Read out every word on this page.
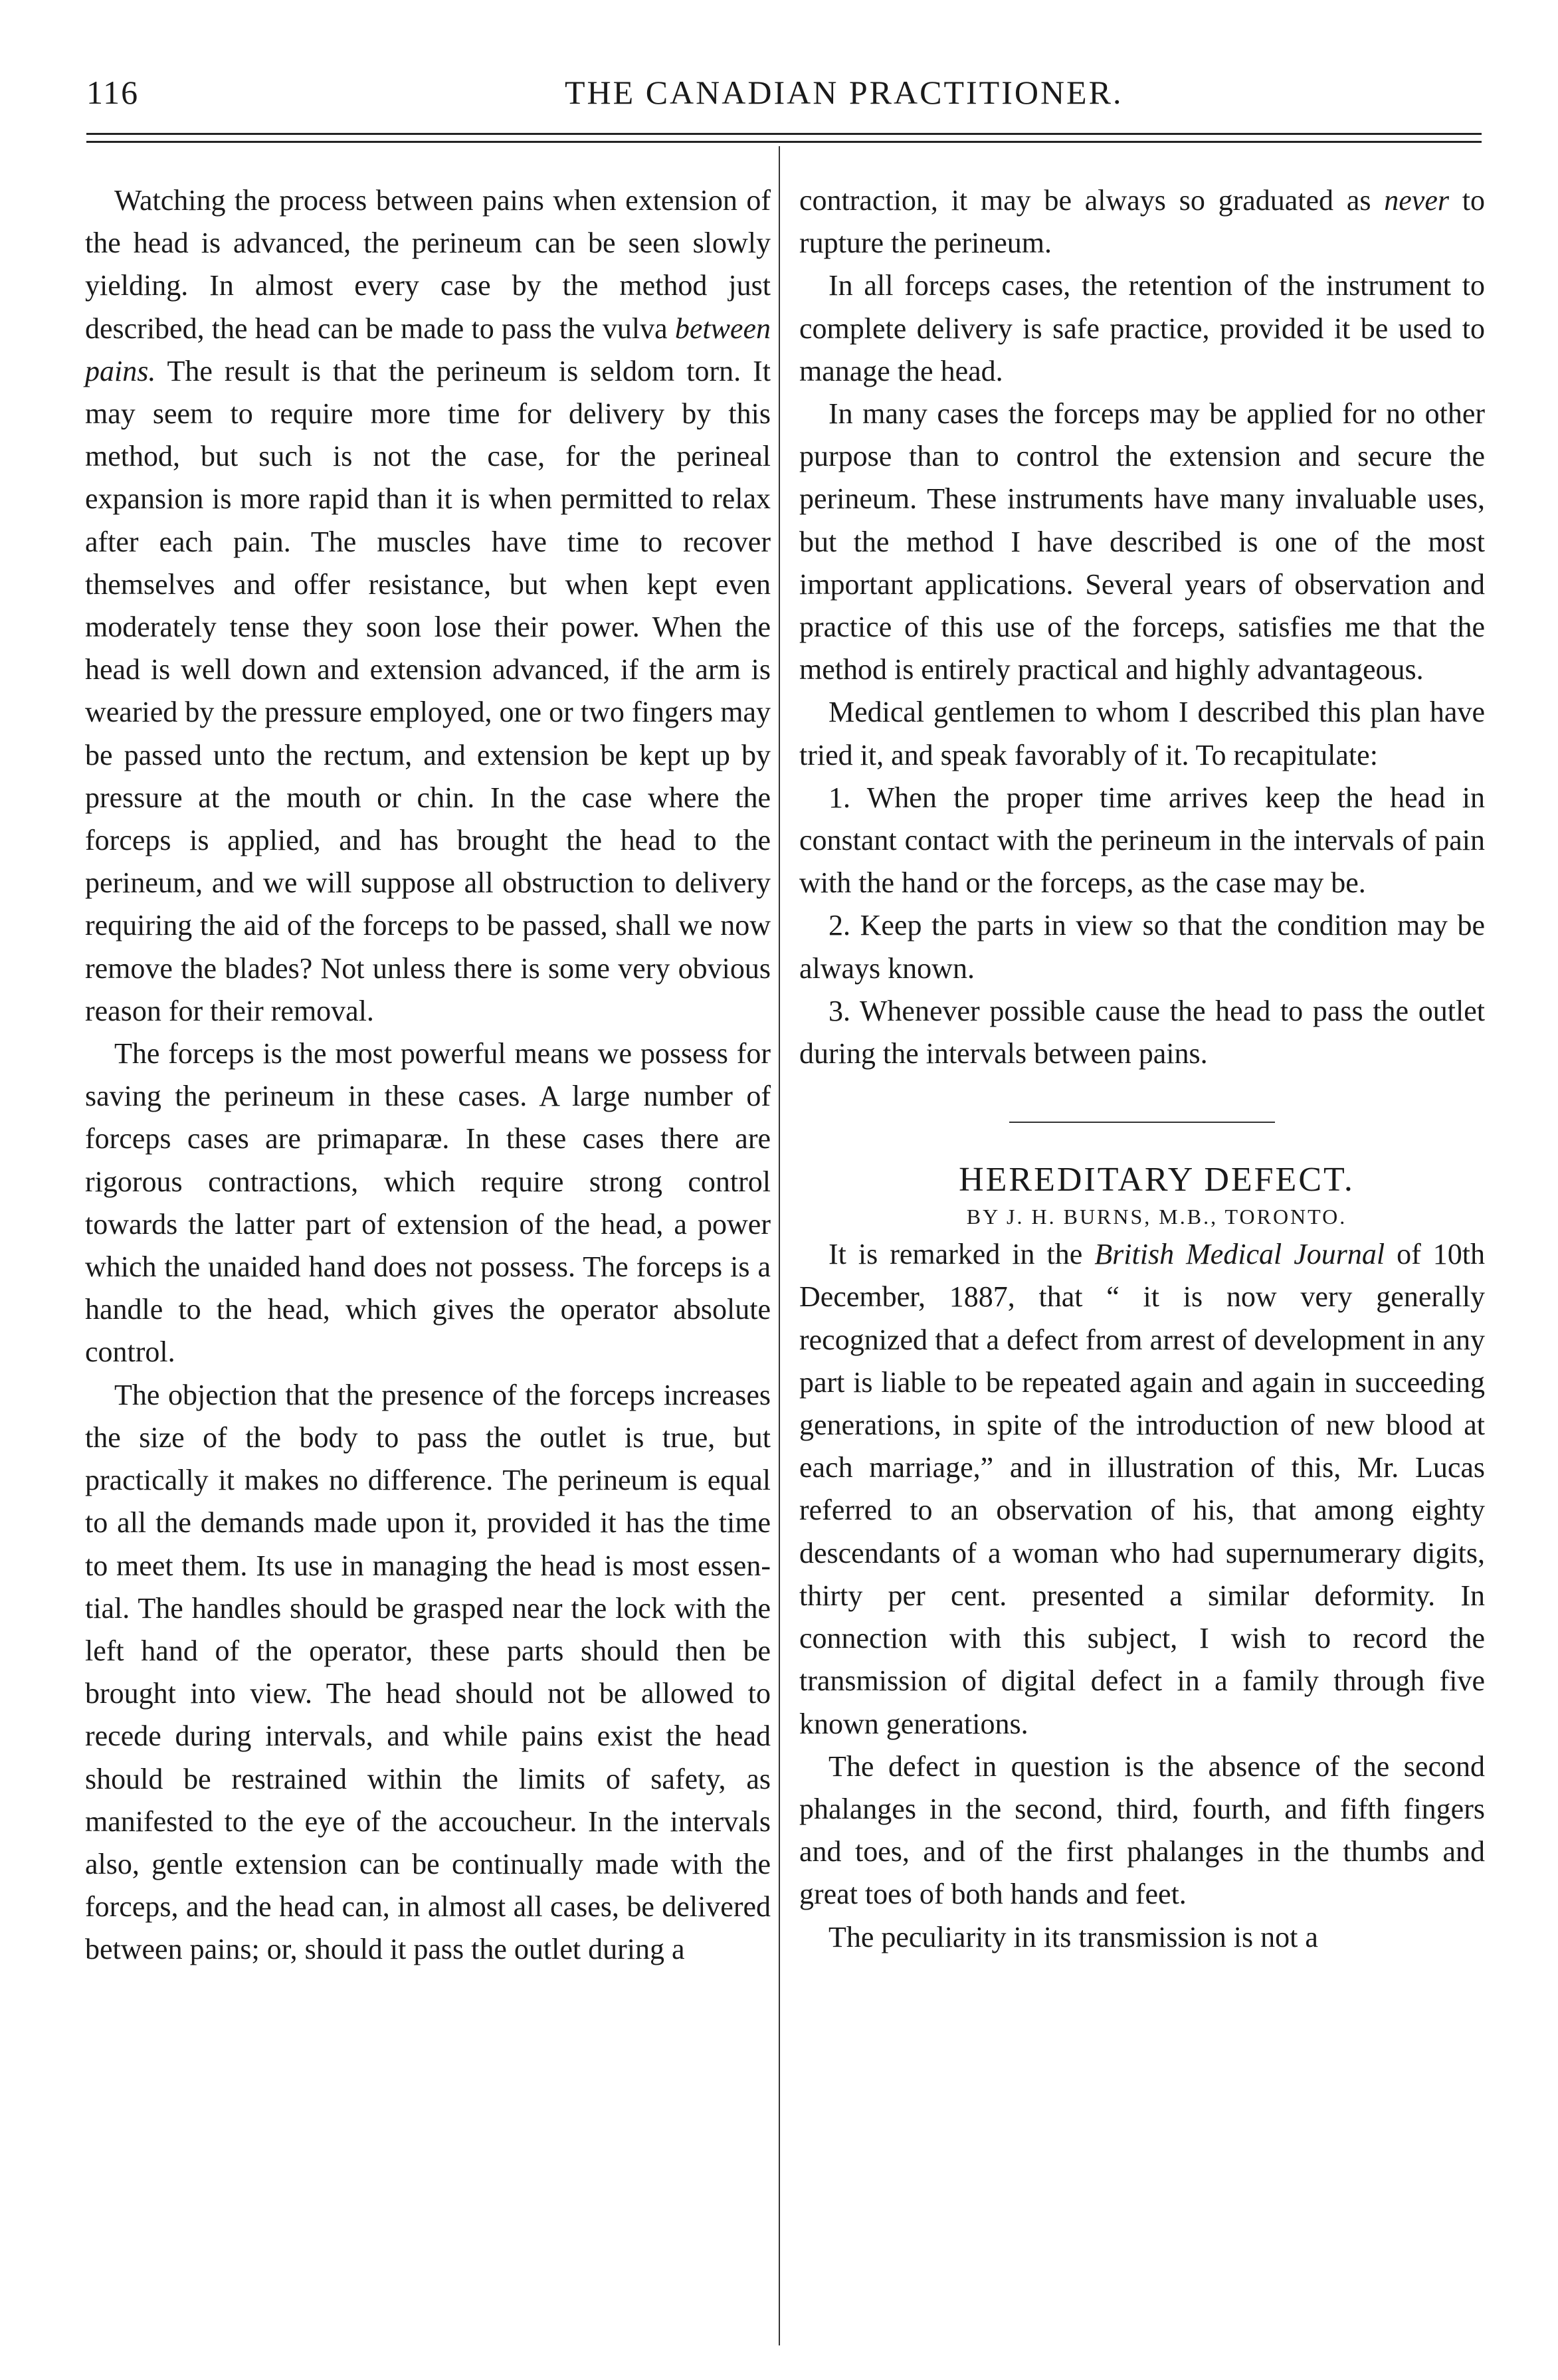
116	THE CANADIAN PRACTITIONER.

Watching the process between pains when extension of the head is advanced, the perineum can be seen slowly yielding. In almost every case by the method just described, the head can be made to pass the vulva between pains. The result is that the perineum is seldom torn. It may seem to require more time for delivery by this method, but such is not the case, for the perineal expansion is more rapid than it is when permitted to relax after each pain. The muscles have time to recover themselves and offer resistance, but when kept even moderately tense they soon lose their power. When the head is well down and extension advanced, if the arm is wearied by the pressure employed, one or two fingers may be passed unto the rectum, and extension be kept up by pressure at the mouth or chin. In the case where the forceps is applied, and has brought the head to the perineum, and we will suppose all obstruction to delivery requiring the aid of the forceps to be passed, shall we now remove the blades? Not unless there is some very obvious reason for their removal.

The forceps is the most powerful means we possess for saving the perineum in these cases. A large number of forceps cases are primaparæ. In these cases there are rigorous contractions, which require strong control towards the latter part of extension of the head, a power which the unaided hand does not possess. The forceps is a handle to the head, which gives the operator absolute control.

The objection that the presence of the forceps increases the size of the body to pass the outlet is true, but practically it makes no difference. The perineum is equal to all the demands made upon it, provided it has the time to meet them. Its use in managing the head is most essential. The handles should be grasped near the lock with the left hand of the operator, these parts should then be brought into view. The head should not be allowed to recede during intervals, and while pains exist the head should be restrained within the limits of safety, as manifested to the eye of the accoucheur. In the intervals also, gentle extension can be continually made with the forceps, and the head can, in almost all cases, be delivered between pains; or, should it pass the outlet during a

contraction, it may be always so graduated as never to rupture the perineum.

In all forceps cases, the retention of the instrument to complete delivery is safe practice, provided it be used to manage the head.

In many cases the forceps may be applied for no other purpose than to control the extension and secure the perineum. These instruments have many invaluable uses, but the method I have described is one of the most important applications. Several years of observation and practice of this use of the forceps, satisfies me that the method is entirely practical and highly advantageous.

Medical gentlemen to whom I described this plan have tried it, and speak favorably of it. To recapitulate:

1. When the proper time arrives keep the head in constant contact with the perineum in the intervals of pain with the hand or the forceps, as the case may be.

2. Keep the parts in view so that the condition may be always known.

3. Whenever possible cause the head to pass the outlet during the intervals between pains.

HEREDITARY DEFECT.

BY J. H. BURNS, M.B., TORONTO.

It is remarked in the British Medical Journal of 10th December, 1887, that “ it is now very generally recognized that a defect from arrest of development in any part is liable to be repeated again and again in succeeding generations, in spite of the introduction of new blood at each marriage,” and in illustration of this, Mr. Lucas referred to an observation of his, that among eighty descendants of a woman who had supernumerary digits, thirty per cent. presented a similar deformity. In connection with this subject, I wish to record the transmission of digital defect in a family through five known generations.

The defect in question is the absence of the second phalanges in the second, third, fourth, and fifth fingers and toes, and of the first phalanges in the thumbs and great toes of both hands and feet.

The peculiarity in its transmission is not a
